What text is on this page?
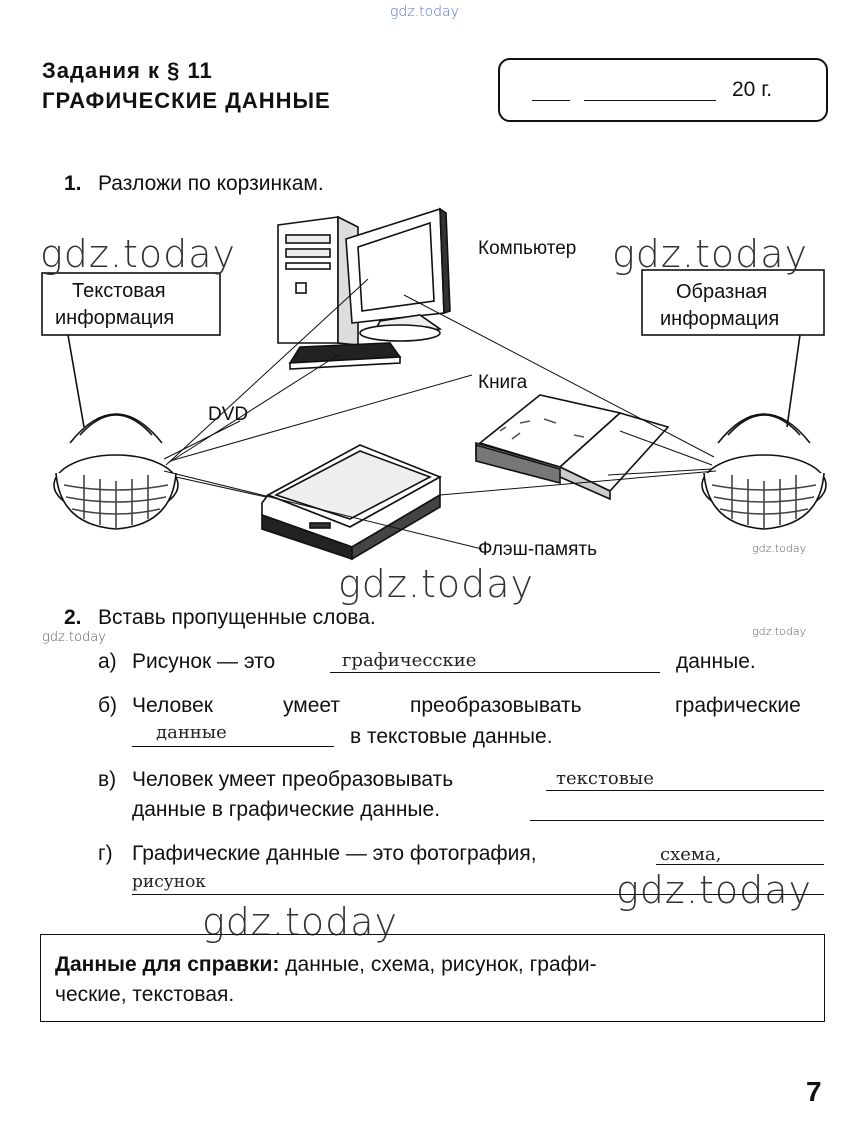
gdz.today
Задания к § 11
ГРАФИЧЕСКИЕ ДАННЫЕ	20 г.
1. Разложи по корзинкам.
Текстовая
информация
Образная
информация
Компьютер
DVD
Книга
Флэш-память
gdz.today	gdz.today
gdz.today
gdz.today
gdz.today
gdz.today
gdz.today
gdz.today
2. Вставь пропущенные слова.
а) Рисунок — это	графичесские	данные.
б) Человек	умеет	преобразовывать	графические
данные	в текстовые данные.
в) Человек умеет преобразовывать	текстовые
данные в графические данные.
г) Графические данные — это фотография,	схема,
рисунок
Данные для справки: данные, схема, рисунок, графи-
ческие, текстовая.
7
